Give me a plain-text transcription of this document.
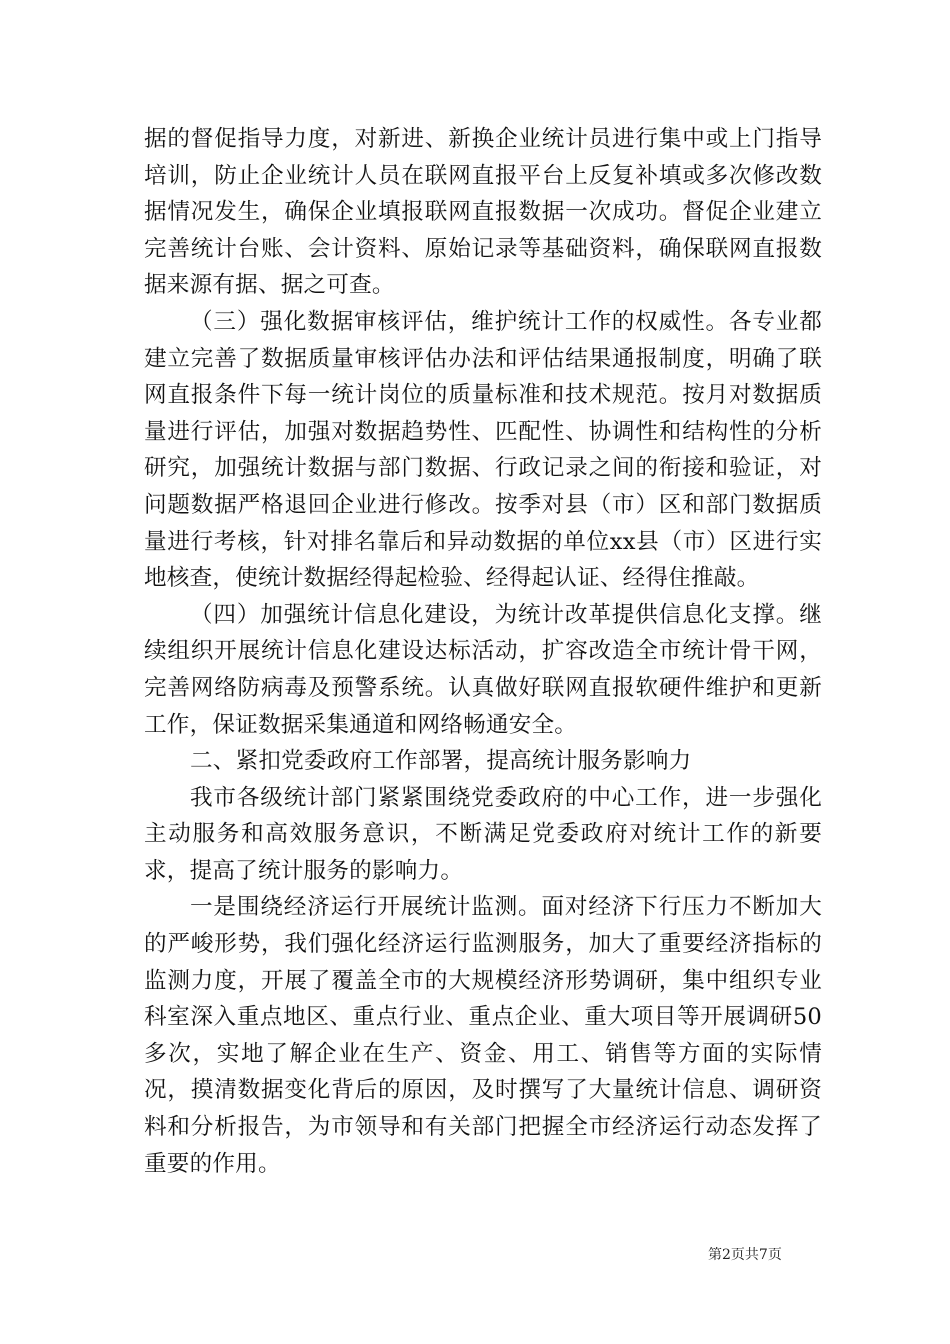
据的督促指导力度，对新进、新换企业统计员进行集中或上门指导培训，防止企业统计人员在联网直报平台上反复补填或多次修改数据情况发生，确保企业填报联网直报数据一次成功。督促企业建立完善统计台账、会计资料、原始记录等基础资料，确保联网直报数据来源有据、据之可查。

（三）强化数据审核评估，维护统计工作的权威性。各专业都建立完善了数据质量审核评估办法和评估结果通报制度，明确了联网直报条件下每一统计岗位的质量标准和技术规范。按月对数据质量进行评估，加强对数据趋势性、匹配性、协调性和结构性的分析研究，加强统计数据与部门数据、行政记录之间的衔接和验证，对问题数据严格退回企业进行修改。按季对县（市）区和部门数据质量进行考核，针对排名靠后和异动数据的单位xx县（市）区进行实地核查，使统计数据经得起检验、经得起认证、经得住推敲。

（四）加强统计信息化建设，为统计改革提供信息化支撑。继续组织开展统计信息化建设达标活动，扩容改造全市统计骨干网，完善网络防病毒及预警系统。认真做好联网直报软硬件维护和更新工作，保证数据采集通道和网络畅通安全。

二、紧扣党委政府工作部署，提高统计服务影响力

我市各级统计部门紧紧围绕党委政府的中心工作，进一步强化主动服务和高效服务意识，不断满足党委政府对统计工作的新要求，提高了统计服务的影响力。

一是围绕经济运行开展统计监测。面对经济下行压力不断加大的严峻形势，我们强化经济运行监测服务，加大了重要经济指标的监测力度，开展了覆盖全市的大规模经济形势调研，集中组织专业科室深入重点地区、重点行业、重点企业、重大项目等开展调研50多次，实地了解企业在生产、资金、用工、销售等方面的实际情况，摸清数据变化背后的原因，及时撰写了大量统计信息、调研资料和分析报告，为市领导和有关部门把握全市经济运行动态发挥了重要的作用。

第2页共7页
